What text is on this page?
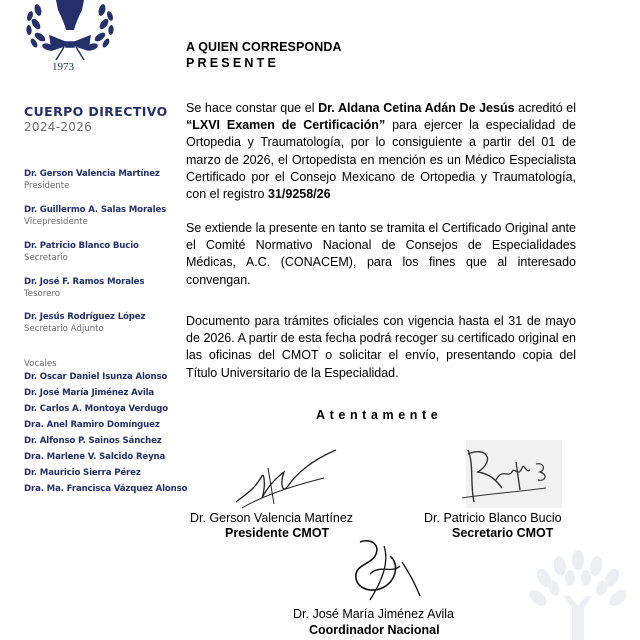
1973
CUERPO DIRECTIVO
2024-2026
Dr. Gerson Valencia Martínez
Presidente
Dr. Guillermo A. Salas Morales
Vicepresidente
Dr. Patricio Blanco Bucio
Secretario
Dr. José F. Ramos Morales
Tesorero
Dr. Jesús Rodríguez López
Secretario Adjunto
Vocales
Dr. Oscar Daniel Isunza Alonso
Dr. José María Jiménez Avila
Dr. Carlos A. Montoya Verdugo
Dra. Anel Ramiro Domínguez
Dr. Alfonso P. Sainos Sánchez
Dra. Marlene V. Salcido Reyna
Dr. Mauricio Sierra Pérez
Dra. Ma. Francisca Vázquez Alonso
A QUIEN CORRESPONDA
PRESENTE
Se hace constar que el Dr. Aldana Cetina Adán De Jesús acreditó el “LXVI Examen de Certificación” para ejercer la especialidad de Ortopedia y Traumatología, por lo consiguiente a partir del 01 de marzo de 2026, el Ortopedista en mención es un Médico Especialista Certificado por el Consejo Mexicano de Ortopedia y Traumatología, con el registro 31/9258/26
Se extiende la presente en tanto se tramita el Certificado Original ante el Comité Normativo Nacional de Consejos de Especialidades Médicas, A.C. (CONACEM), para los fines que al interesado convengan.
Documento para trámites oficiales con vigencia hasta el 31 de mayo de 2026. A partir de esta fecha podrá recoger su certificado original en las oficinas del CMOT o solicitar el envío, presentando copia del Título Universitario de la Especialidad.
Atentamente
Dr. Gerson Valencia Martínez
Presidente CMOT
Dr. Patricio Blanco Bucio
Secretario CMOT
Dr. José María Jiménez Avila
Coordinador Nacional
